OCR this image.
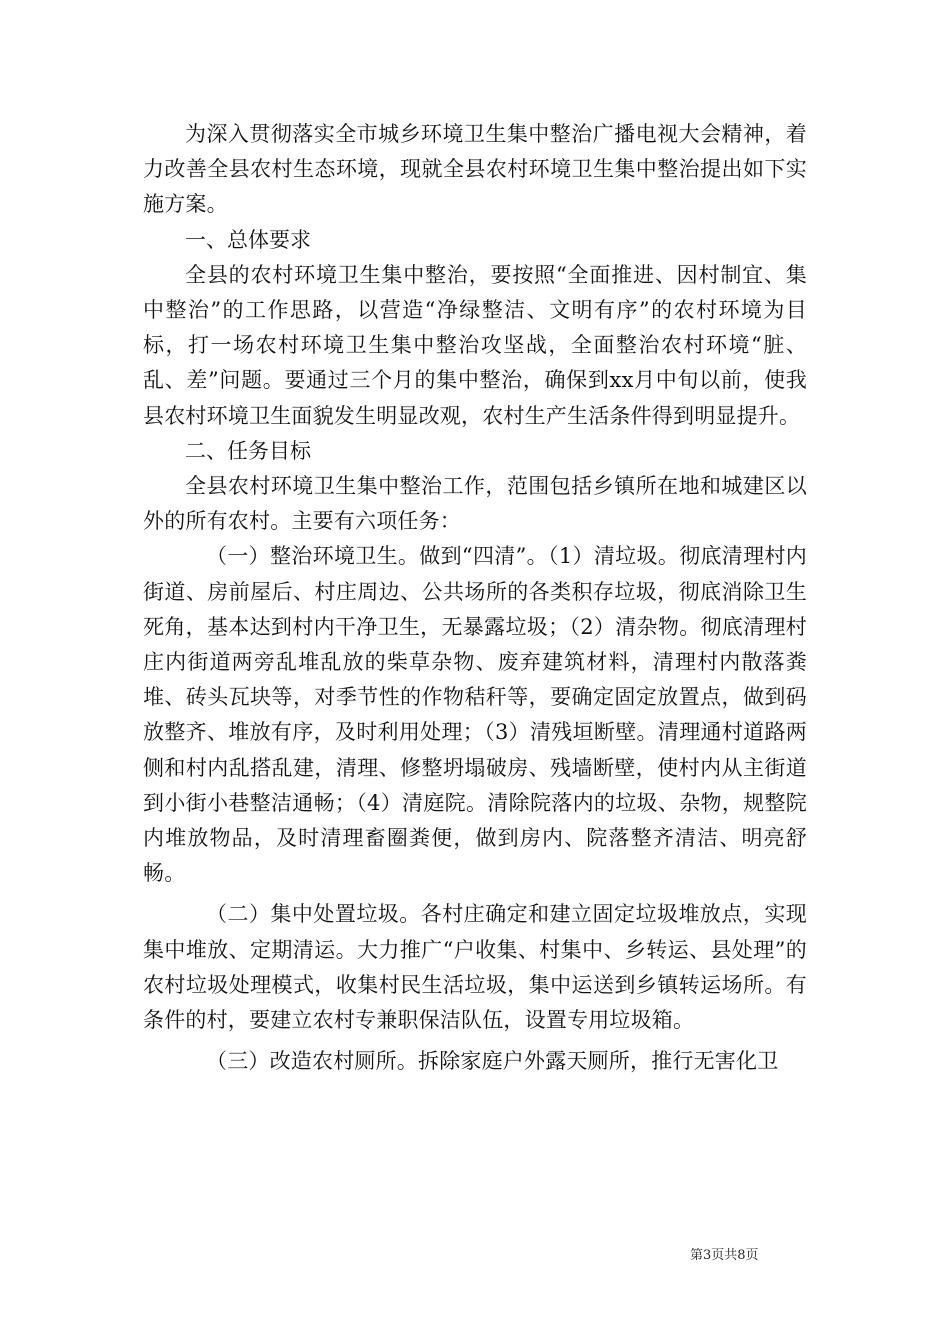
为深入贯彻落实全市城乡环境卫生集中整治广播电视大会精神，着力改善全县农村生态环境，现就全县农村环境卫生集中整治提出如下实施方案。

一、总体要求

全县的农村环境卫生集中整治，要按照“全面推进、因村制宜、集中整治”的工作思路，以营造“净绿整洁、文明有序”的农村环境为目标，打一场农村环境卫生集中整治攻坚战，全面整治农村环境“脏、乱、差”问题。要通过三个月的集中整治，确保到xx月中旬以前，使我县农村环境卫生面貌发生明显改观，农村生产生活条件得到明显提升。

二、任务目标

全县农村环境卫生集中整治工作，范围包括乡镇所在地和城建区以外的所有农村。主要有六项任务：

（一）整治环境卫生。做到“四清”。（1）清垃圾。彻底清理村内街道、房前屋后、村庄周边、公共场所的各类积存垃圾，彻底消除卫生死角，基本达到村内干净卫生，无暴露垃圾；（2）清杂物。彻底清理村庄内街道两旁乱堆乱放的柴草杂物、废弃建筑材料，清理村内散落粪堆、砖头瓦块等，对季节性的作物秸秆等，要确定固定放置点，做到码放整齐、堆放有序，及时利用处理；（3）清残垣断壁。清理通村道路两侧和村内乱搭乱建，清理、修整坍塌破房、残墙断壁，使村内从主街道到小街小巷整洁通畅；（4）清庭院。清除院落内的垃圾、杂物，规整院内堆放物品，及时清理畜圈粪便，做到房内、院落整齐清洁、明亮舒畅。

（二）集中处置垃圾。各村庄确定和建立固定垃圾堆放点，实现集中堆放、定期清运。大力推广“户收集、村集中、乡转运、县处理”的农村垃圾处理模式，收集村民生活垃圾，集中运送到乡镇转运场所。有条件的村，要建立农村专兼职保洁队伍，设置专用垃圾箱。

（三）改造农村厕所。拆除家庭户外露天厕所，推行无害化卫

第3页共8页
